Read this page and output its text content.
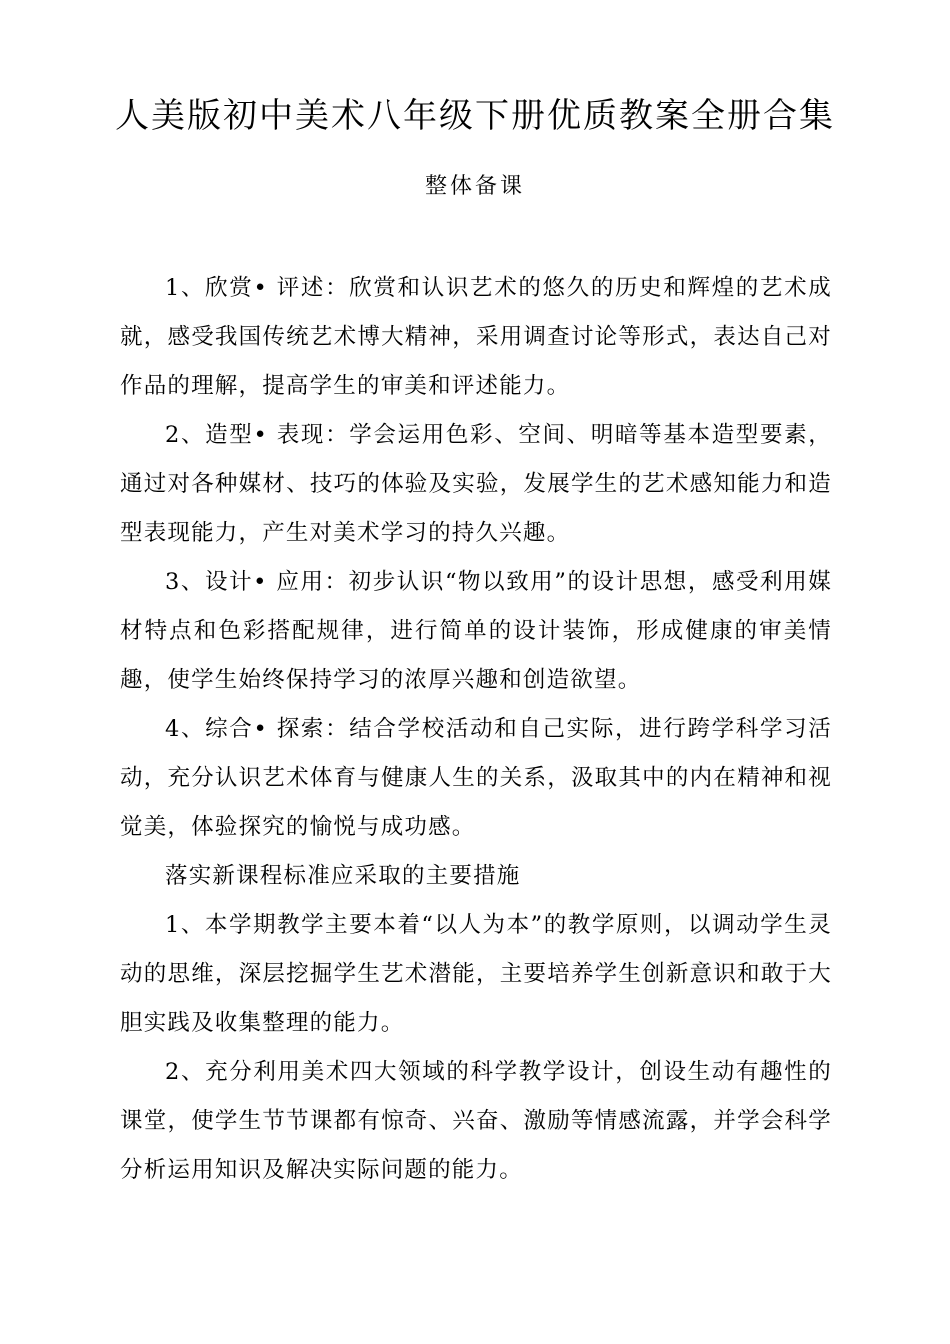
人美版初中美术八年级下册优质教案全册合集
整体备课

1、欣赏• 评述：欣赏和认识艺术的悠久的历史和辉煌的艺术成就，感受我国传统艺术博大精神，采用调查讨论等形式，表达自己对作品的理解，提高学生的审美和评述能力。

2、造型• 表现：学会运用色彩、空间、明暗等基本造型要素，通过对各种媒材、技巧的体验及实验，发展学生的艺术感知能力和造型表现能力，产生对美术学习的持久兴趣。

3、设计• 应用：初步认识“物以致用”的设计思想，感受利用媒材特点和色彩搭配规律，进行简单的设计装饰，形成健康的审美情趣，使学生始终保持学习的浓厚兴趣和创造欲望。

4、综合• 探索：结合学校活动和自己实际，进行跨学科学习活动，充分认识艺术体育与健康人生的关系，汲取其中的内在精神和视觉美，体验探究的愉悦与成功感。

落实新课程标准应采取的主要措施

1、本学期教学主要本着“以人为本”的教学原则，以调动学生灵动的思维，深层挖掘学生艺术潜能，主要培养学生创新意识和敢于大胆实践及收集整理的能力。

2、充分利用美术四大领域的科学教学设计，创设生动有趣性的课堂，使学生节节课都有惊奇、兴奋、激励等情感流露，并学会科学分析运用知识及解决实际问题的能力。
